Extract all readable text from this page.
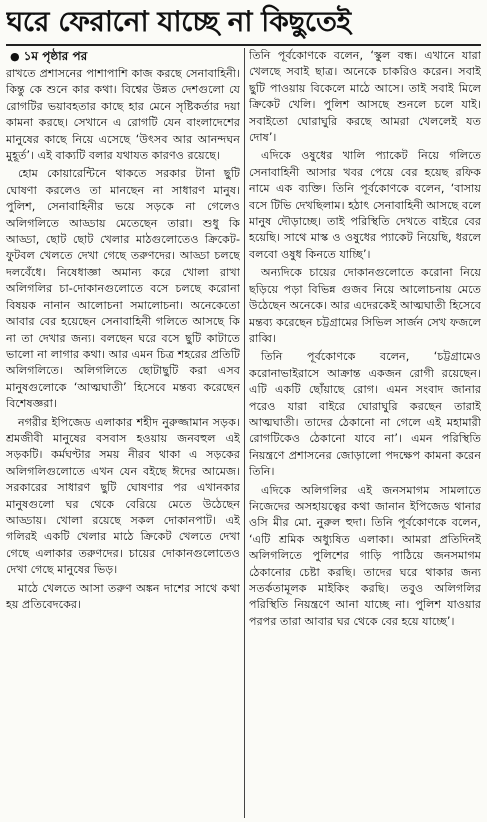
ঘরে ফেরানো যাচ্ছে না কিছুতেই
● ১ম পৃষ্ঠার পর

রাখতে প্রশাসনের পাশাপাশি কাজ করছে সেনাবাহিনী। কিন্তু কে শুনে কার কথা। বিশ্বের উন্নত দেশগুলো যে রোগটির ভয়াবহতার কাছে হার মেনে সৃষ্টিকর্তার দয়া কামনা করছে। সেখানে এ রোগটি যেন বাংলাদেশের মানুষের কাছে নিয়ে এসেছে ‘উৎসব আর আনন্দঘন মুহূর্ত’। এই বাক্যটি বলার যথাযত কারণও রয়েছে।

হোম কোয়ারেন্টিনে থাকতে সরকার টানা ছুটি ঘোষণা করলেও তা মানছেন না সাধারণ মানুষ। পুলিশ, সেনাবাহিনীর ভয়ে সড়কে না গেলেও অলিগলিতে আড্ডায় মেতেছেন তারা। শুধু কি আড্ডা, ছোট ছোট খেলার মাঠগুলোতেও ক্রিকেট-ফুটবল খেলতে দেখা গেছে তরুণদের। আড্ডা চলছে দলবেঁধে। নিষেধাজ্ঞা অমান্য করে খোলা রাখা অলিগলির চা-দোকানগুলোতে বসে চলছে করোনা বিষয়ক নানান আলোচনা সমালোচনা। অনেকেতো আবার বের হয়েছেন সেনাবাহিনী গলিতে আসছে কি না তা দেখার জন্য। বলছেন ঘরে বসে ছুটি কাটাতে ভালো না লাগার কথা। আর এমন চিত্র শহরের প্রতিটি অলিগলিতে। অলিগলিতে ছোটাছুটি করা এসব মানুষগুলোকে ‘আত্মঘাতী’ হিসেবে মন্তব্য করেছেন বিশেষজ্ঞরা।

নগরীর ইপিজেড এলাকার শহীদ নুরুজ্জামান সড়ক। শ্রমজীবী মানুষের বসবাস হওয়ায় জনবহুল এই সড়কটি। কর্মঘণ্টার সময় নীরব থাকা এ সড়কের অলিগলিগুলোতে এখন যেন বইছে ঈদের আমেজ। সরকারের সাধারণ ছুটি ঘোষণার পর এখানকার মানুষগুলো ঘর থেকে বেরিয়ে মেতে উঠেছেন আড্ডায়। খোলা রয়েছে সকল দোকানপাট। এই গলিরই একটি খেলার মাঠে ক্রিকেট খেলতে দেখা গেছে এলাকার তরুণদের। চায়ের দোকানগুলোতেও দেখা গেছে মানুষের ভিড়।

মাঠে খেলতে আসা তরুণ অঙ্কন দাশের সাথে কথা হয় প্রতিবেদকের।

তিনি পূর্বকোণকে বলেন, ‘স্কুল বন্ধ। এখানে যারা খেলছে সবাই ছাত্র। অনেকে চাকরিও করেন। সবাই ছুটি পাওয়ায় বিকেলে মাঠে আসে। তাই সবাই মিলে ক্রিকেট খেলি। পুলিশ আসছে শুনলে চলে যাই। সবাইতো ঘোরাঘুরি করছে আমরা খেললেই যত দোষ’।

এদিকে ওষুধের খালি প্যাকেট নিয়ে গলিতে সেনাবাহিনী আসার খবর পেয়ে বের হয়েছ রফিক নামে এক ব্যক্তি। তিনি পূর্বকোণকে বলেন, ‘বাসায় বসে টিভি দেখছিলাম। হঠাৎ সেনাবাহিনী আসছে বলে মানুষ দৌড়াচ্ছে। তাই পরিস্থিতি দেখতে বাইরে বের হয়েছি। সাথে মাস্ক ও ওষুধের প্যাকেট নিয়েছি, ধরলে বলবো ওষুধ কিনতে যাচ্ছি’।

অন্যদিকে চায়ের দোকানগুলোতে করোনা নিয়ে ছড়িয়ে পড়া বিভিন্ন গুজব নিয়ে আলোচনায় মেতে উঠেছেন অনেকে। আর এদেরকেই আত্মঘাতী হিসেবে মন্তব্য করেছেন চট্টগ্রামের সিভিল সার্জন সেখ ফজলে রাব্বি।

তিনি পূর্বকোণকে বলেন, ‘চট্টগ্রামেও করোনাভাইরাসে আক্রান্ত একজন রোগী রয়েছেন। এটি একটি ছোঁয়াছে রোগ। এমন সংবাদ জানার পরেও যারা বাইরে ঘোরাঘুরি করছেন তারাই আত্মঘাতী। তাদের ঠেকানো না গেলে এই মহামারী রোগটিকেও ঠেকানো যাবে না’। এমন পরিস্থিতি নিয়ন্ত্রণে প্রশাসনের জোড়ালো পদক্ষেপ কামনা করেন তিনি।

এদিকে অলিগলির এই জনসমাগম সামলাতে নিজেদের অসহায়ত্বের কথা জানান ইপিজেড থানার ওসি মীর মো. নুরুল হুদা। তিনি পূর্বকোণকে বলেন, ‘এটি শ্রমিক অধ্যুষিত এলাকা। আমরা প্রতিদিনই অলিগলিতে পুলিশের গাড়ি পাঠিয়ে জনসমাগম ঠেকানোর চেষ্টা করছি। তাদের ঘরে থাকার জন্য সতর্কতামূলক মাইকিং করছি। তবুও অলিগলির পরিস্থিতি নিয়ন্ত্রণে আনা যাচ্ছে না। পুলিশ যাওয়ার পরপর তারা আবার ঘর থেকে বের হয়ে যাচ্ছে’।
